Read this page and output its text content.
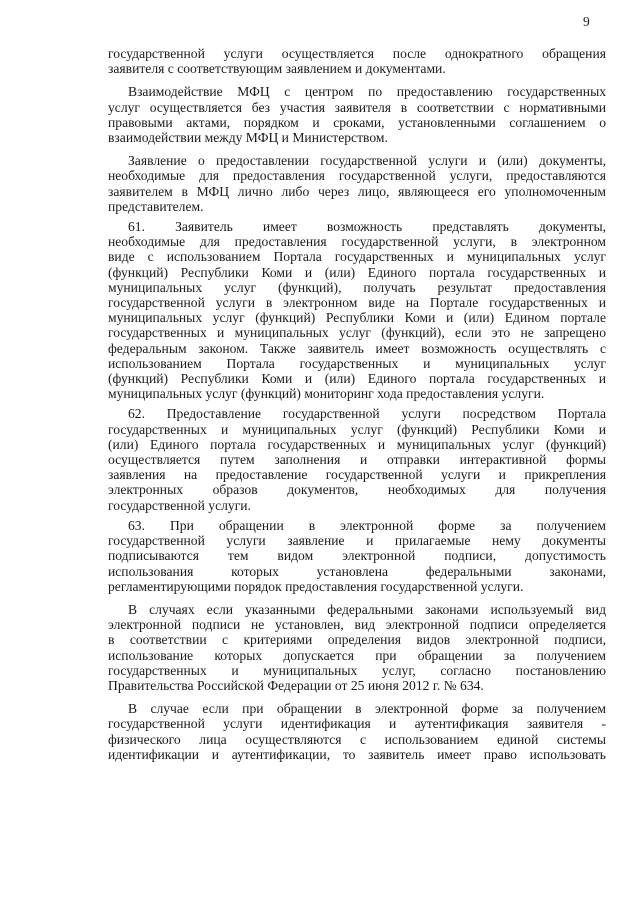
9
государственной услуги осуществляется после однократного обращения
заявителя с соответствующим заявлением и документами.
Взаимодействие МФЦ с центром по предоставлению государственных
услуг осуществляется без участия заявителя в соответствии с нормативными
правовыми актами, порядком и сроками, установленными соглашением о
взаимодействии между МФЦ и Министерством.
Заявление о предоставлении государственной услуги и (или) документы,
необходимые для предоставления государственной услуги, предоставляются
заявителем в МФЦ лично либо через лицо, являющееся его уполномоченным
представителем.
61. Заявитель имеет возможность представлять документы,
необходимые для предоставления государственной услуги, в электронном
виде с использованием Портала государственных и муниципальных услуг
(функций) Республики Коми и (или) Единого портала государственных и
муниципальных услуг (функций), получать результат предоставления
государственной услуги в электронном виде на Портале государственных и
муниципальных услуг (функций) Республики Коми и (или) Едином портале
государственных и муниципальных услуг (функций), если это не запрещено
федеральным законом. Также заявитель имеет возможность осуществлять с
использованием Портала государственных и муниципальных услуг
(функций) Республики Коми и (или) Единого портала государственных и
муниципальных услуг (функций) мониторинг хода предоставления услуги.
62. Предоставление государственной услуги посредством Портала
государственных и муниципальных услуг (функций) Республики Коми и
(или) Единого портала государственных и муниципальных услуг (функций)
осуществляется путем заполнения и отправки интерактивной формы
заявления на предоставление государственной услуги и прикрепления
электронных образов документов, необходимых для получения
государственной услуги.
63. При обращении в электронной форме за получением
государственной услуги заявление и прилагаемые нему документы
подписываются тем видом электронной подписи, допустимость
использования которых установлена федеральными законами,
регламентирующими порядок предоставления государственной услуги.
В случаях если указанными федеральными законами используемый вид
электронной подписи не установлен, вид электронной подписи определяется
в соответствии с критериями определения видов электронной подписи,
использование которых допускается при обращении за получением
государственных и муниципальных услуг, согласно постановлению
Правительства Российской Федерации от 25 июня 2012 г. № 634.
В случае если при обращении в электронной форме за получением
государственной услуги идентификация и аутентификация заявителя -
физического лица осуществляются с использованием единой системы
идентификации и аутентификации, то заявитель имеет право использовать
